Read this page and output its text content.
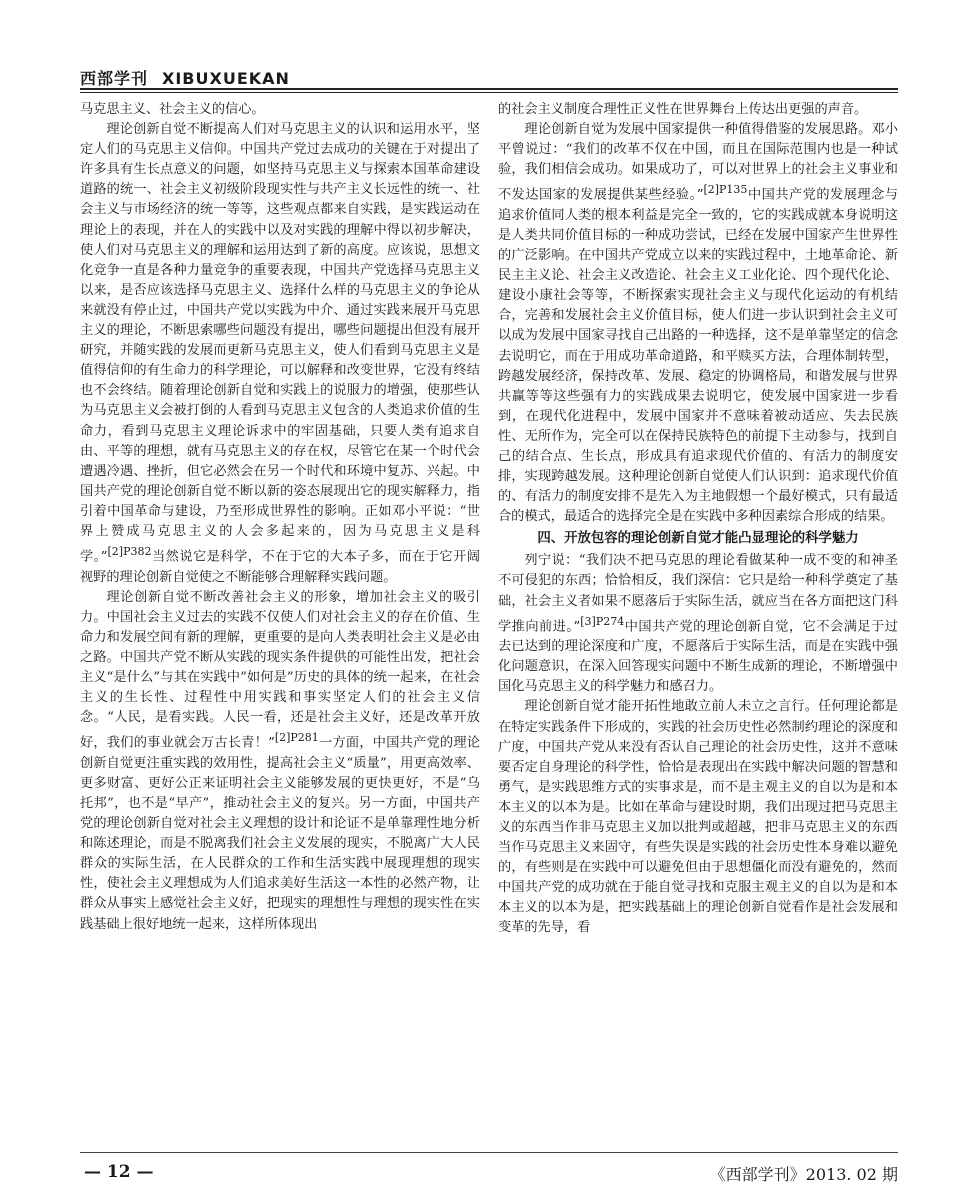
西部学刊 XIBUXUEKAN

马克思主义、社会主义的信心。

理论创新自觉不断提高人们对马克思主义的认识和运用水平，坚定人们的马克思主义信仰。中国共产党过去成功的关键在于对提出了许多具有生长点意义的问题，如坚持马克思主义与探索本国革命建设道路的统一、社会主义初级阶段现实性与共产主义长远性的统一、社会主义与市场经济的统一等等，这些观点都来自实践，是实践运动在理论上的表现，并在人的实践中以及对实践的理解中得以初步解决，使人们对马克思主义的理解和运用达到了新的高度。应该说，思想文化竞争一直是各种力量竞争的重要表现，中国共产党选择马克思主义以来，是否应该选择马克思主义、选择什么样的马克思主义的争论从来就没有停止过，中国共产党以实践为中介、通过实践来展开马克思主义的理论，不断思索哪些问题没有提出，哪些问题提出但没有展开研究，并随实践的发展而更新马克思主义，使人们看到马克思主义是值得信仰的有生命力的科学理论，可以解释和改变世界，它没有终结也不会终结。随着理论创新自觉和实践上的说服力的增强，使那些认为马克思主义会被打倒的人看到马克思主义包含的人类追求价值的生命力，看到马克思主义理论诉求中的牢固基础，只要人类有追求自由、平等的理想，就有马克思主义的存在权，尽管它在某一个时代会遭遇冷遇、挫折，但它必然会在另一个时代和环境中复苏、兴起。中国共产党的理论创新自觉不断以新的姿态展现出它的现实解释力，指引着中国革命与建设，乃至形成世界性的影响。正如邓小平说：“世界上赞成马克思主义的人会多起来的，因为马克思主义是科学。”$^{[2]P382}$当然说它是科学，不在于它的大本子多，而在于它开阔视野的理论创新自觉使之不断能够合理解释实践问题。

理论创新自觉不断改善社会主义的形象，增加社会主义的吸引力。中国社会主义过去的实践不仅使人们对社会主义的存在价值、生命力和发展空间有新的理解，更重要的是向人类表明社会主义是必由之路。中国共产党不断从实践的现实条件提供的可能性出发，把社会主义“是什么”与其在实践中“如何是”历史的具体的统一起来，在社会主义的生长性、过程性中用实践和事实坚定人们的社会主义信念。“人民，是看实践。人民一看，还是社会主义好，还是改革开放好，我们的事业就会万古长青！”$^{[2]P281}$一方面，中国共产党的理论创新自觉更注重实践的效用性，提高社会主义“质量”，用更高效率、更多财富、更好公正来证明社会主义能够发展的更快更好，不是“乌托邦”，也不是“早产”，推动社会主义的复兴。另一方面，中国共产党的理论创新自觉对社会主义理想的设计和论证不是单靠理性地分析和陈述理论，而是不脱离我们社会主义发展的现实，不脱离广大人民群众的实际生活，在人民群众的工作和生活实践中展现理想的现实性，使社会主义理想成为人们追求美好生活这一本性的必然产物，让群众从事实上感觉社会主义好，把现实的理想性与理想的现实性在实践基础上很好地统一起来，这样所体现出

的社会主义制度合理性正义性在世界舞台上传达出更强的声音。

理论创新自觉为发展中国家提供一种值得借鉴的发展思路。邓小平曾说过：“我们的改革不仅在中国，而且在国际范围内也是一种试验，我们相信会成功。如果成功了，可以对世界上的社会主义事业和不发达国家的发展提供某些经验。”$^{[2]P135}$中国共产党的发展理念与追求价值同人类的根本利益是完全一致的，它的实践成就本身说明这是人类共同价值目标的一种成功尝试，已经在发展中国家产生世界性的广泛影响。在中国共产党成立以来的实践过程中，土地革命论、新民主主义论、社会主义改造论、社会主义工业化论、四个现代化论、建设小康社会等等，不断探索实现社会主义与现代化运动的有机结合，完善和发展社会主义价值目标，使人们进一步认识到社会主义可以成为发展中国家寻找自己出路的一种选择，这不是单靠坚定的信念去说明它，而在于用成功革命道路，和平赎买方法，合理体制转型，跨越发展经济，保持改革、发展、稳定的协调格局，和谐发展与世界共赢等等这些强有力的实践成果去说明它，使发展中国家进一步看到，在现代化进程中，发展中国家并不意味着被动适应、失去民族性、无所作为，完全可以在保持民族特色的前提下主动参与，找到自己的结合点、生长点，形成具有追求现代价值的、有活力的制度安排，实现跨越发展。这种理论创新自觉使人们认识到：追求现代价值的、有活力的制度安排不是先入为主地假想一个最好模式，只有最适合的模式，最适合的选择完全是在实践中多种因素综合形成的结果。

四、开放包容的理论创新自觉才能凸显理论的科学魅力

列宁说：“我们决不把马克思的理论看做某种一成不变的和神圣不可侵犯的东西；恰恰相反，我们深信：它只是给一种科学奠定了基础，社会主义者如果不愿落后于实际生活，就应当在各方面把这门科学推向前进。”$^{[3]P274}$中国共产党的理论创新自觉，它不会满足于过去已达到的理论深度和广度，不愿落后于实际生活，而是在实践中强化问题意识，在深入回答现实问题中不断生成新的理论，不断增强中国化马克思主义的科学魅力和感召力。

理论创新自觉才能开拓性地敢立前人未立之言行。任何理论都是在特定实践条件下形成的，实践的社会历史性必然制约理论的深度和广度，中国共产党从来没有否认自己理论的社会历史性，这并不意味要否定自身理论的科学性，恰恰是表现出在实践中解决问题的智慧和勇气，是实践思维方式的实事求是，而不是主观主义的自以为是和本本主义的以本为是。比如在革命与建设时期，我们出现过把马克思主义的东西当作非马克思主义加以批判或超越，把非马克思主义的东西当作马克思主义来固守，有些失误是实践的社会历史性本身难以避免的，有些则是在实践中可以避免但由于思想僵化而没有避免的，然而中国共产党的成功就在于能自觉寻找和克服主观主义的自以为是和本本主义的以本为是，把实践基础上的理论创新自觉看作是社会发展和变革的先导，看

— 12 —	《西部学刊》2013. 02 期
